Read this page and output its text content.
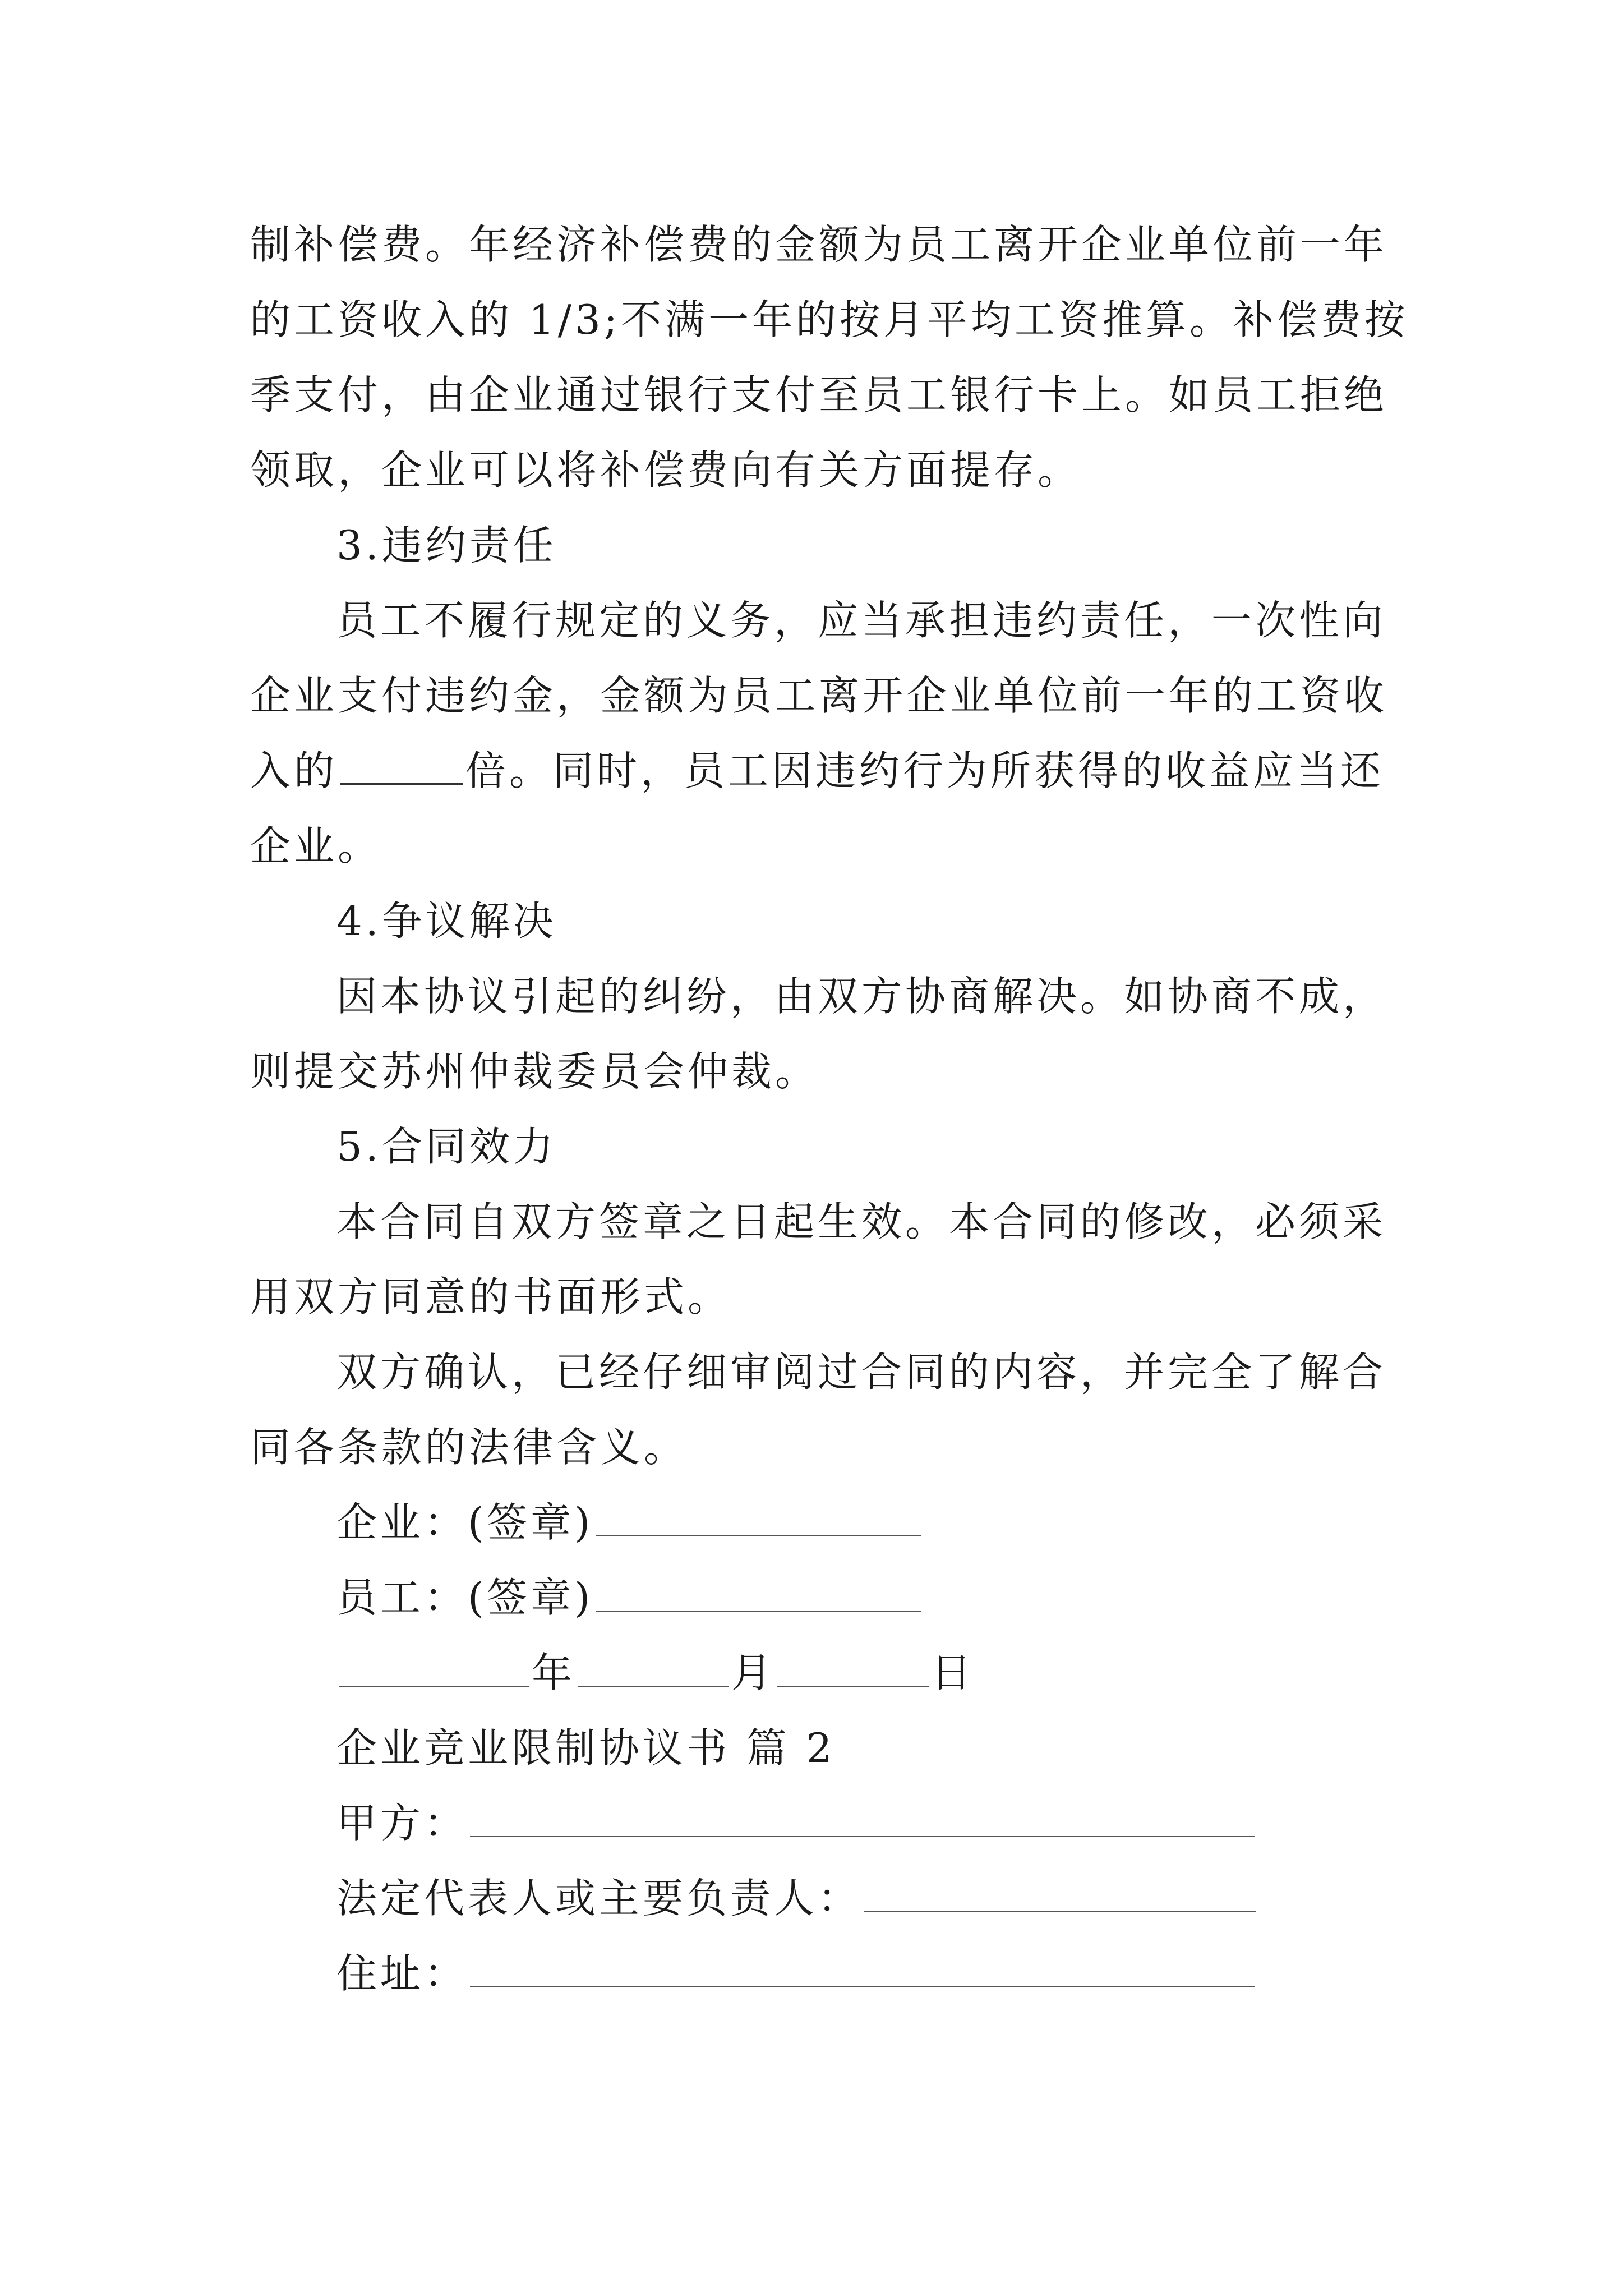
制补偿费。年经济补偿费的金额为员工离开企业单位前一年
的工资收入的 1/3;不满一年的按月平均工资推算。补偿费按
季支付，由企业通过银行支付至员工银行卡上。如员工拒绝
领取，企业可以将补偿费向有关方面提存。
3.违约责任
员工不履行规定的义务，应当承担违约责任，一次性向
企业支付违约金，金额为员工离开企业单位前一年的工资收
入的	倍。同时，员工因违约行为所获得的收益应当还
企业。
4.争议解决
因本协议引起的纠纷，由双方协商解决。如协商不成，
则提交苏州仲裁委员会仲裁。
5.合同效力
本合同自双方签章之日起生效。本合同的修改，必须采
用双方同意的书面形式。
双方确认，已经仔细审阅过合同的内容，并完全了解合
同各条款的法律含义。
企业：(签章)
员工：(签章)
年	月	日
企业竞业限制协议书 篇 2
甲方：
法定代表人或主要负责人：
住址：
